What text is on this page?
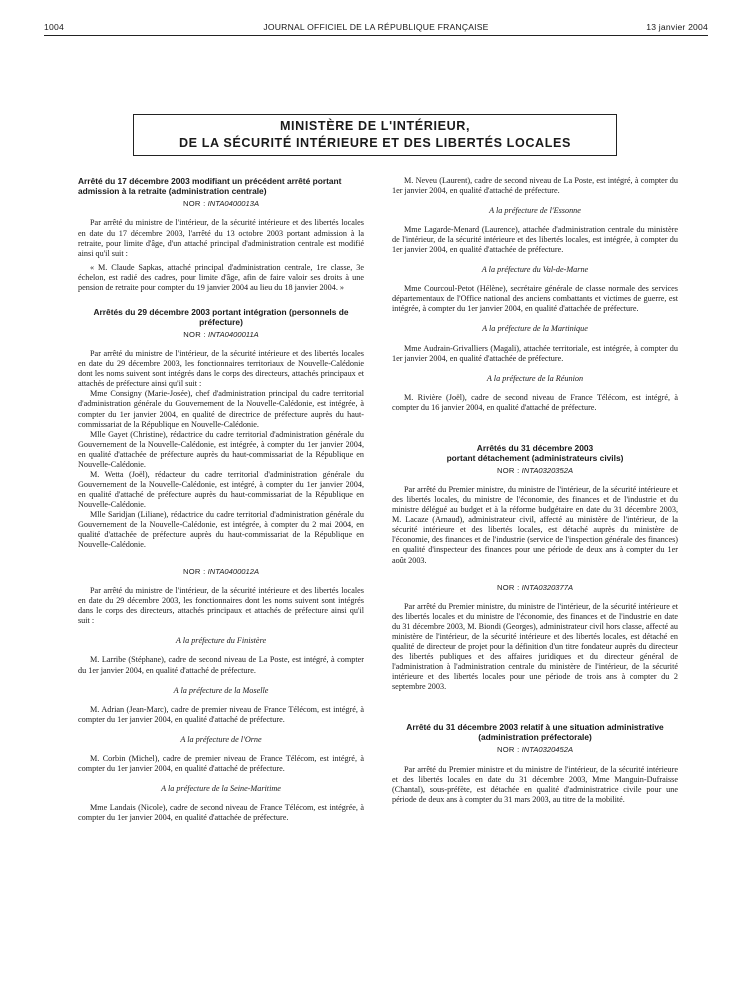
1004	JOURNAL OFFICIEL DE LA RÉPUBLIQUE FRANÇAISE	13 janvier 2004
MINISTÈRE DE L'INTÉRIEUR,
DE LA SÉCURITÉ INTÉRIEURE ET DES LIBERTÉS LOCALES

Arrêté du 17 décembre 2003 modifiant un précédent arrêté portant admission à la retraite (administration centrale)

NOR : INTA0400013A

Par arrêté du ministre de l'intérieur, de la sécurité intérieure et des libertés locales en date du 17 décembre 2003, l'arrêté du 13 octobre 2003 portant admission à la retraite, pour limite d'âge, d'un attaché principal d'administration centrale est modifié ainsi qu'il suit :

« M. Claude Sapkas, attaché principal d'administration centrale, 1re classe, 3e échelon, est radié des cadres, pour limite d'âge, afin de faire valoir ses droits à une pension de retraite pour compter du 19 janvier 2004 au lieu du 18 janvier 2004. »

Arrêtés du 29 décembre 2003 portant intégration (personnels de préfecture)

NOR : INTA0400011A

Par arrêté du ministre de l'intérieur, de la sécurité intérieure et des libertés locales en date du 29 décembre 2003, les fonctionnaires territoriaux de Nouvelle-Calédonie dont les noms suivent sont intégrés dans le corps des directeurs, attachés principaux et attachés de préfecture ainsi qu'il suit :

Mme Consigny (Marie-Josée), chef d'administration principal du cadre territorial d'administration générale du Gouvernement de la Nouvelle-Calédonie, est intégrée, à compter du 1er janvier 2004, en qualité de directrice de préfecture auprès du haut-commissariat de la République en Nouvelle-Calédonie.

Mlle Gayet (Christine), rédactrice du cadre territorial d'administration générale du Gouvernement de la Nouvelle-Calédonie, est intégrée, à compter du 1er janvier 2004, en qualité d'attachée de préfecture auprès du haut-commissariat de la République en Nouvelle-Calédonie.

M. Wetta (Joël), rédacteur du cadre territorial d'administration générale du Gouvernement de la Nouvelle-Calédonie, est intégré, à compter du 1er janvier 2004, en qualité d'attaché de préfecture auprès du haut-commissariat de la République en Nouvelle-Calédonie.

Mlle Saridjan (Liliane), rédactrice du cadre territorial d'administration générale du Gouvernement de la Nouvelle-Calédonie, est intégrée, à compter du 2 mai 2004, en qualité d'attachée de préfecture auprès du haut-commissariat de la République en Nouvelle-Calédonie.

NOR : INTA0400012A

Par arrêté du ministre de l'intérieur, de la sécurité intérieure et des libertés locales en date du 29 décembre 2003, les fonctionnaires dont les noms suivent sont intégrés dans le corps des directeurs, attachés principaux et attachés de préfecture ainsi qu'il suit :

A la préfecture du Finistère

M. Larribe (Stéphane), cadre de second niveau de La Poste, est intégré, à compter du 1er janvier 2004, en qualité d'attaché de préfecture.

A la préfecture de la Moselle

M. Adrian (Jean-Marc), cadre de premier niveau de France Télécom, est intégré, à compter du 1er janvier 2004, en qualité d'attaché de préfecture.

A la préfecture de l'Orne

M. Corbin (Michel), cadre de premier niveau de France Télécom, est intégré, à compter du 1er janvier 2004, en qualité d'attaché de préfecture.

A la préfecture de la Seine-Maritime

Mme Landais (Nicole), cadre de second niveau de France Télécom, est intégrée, à compter du 1er janvier 2004, en qualité d'attachée de préfecture.

M. Neveu (Laurent), cadre de second niveau de La Poste, est intégré, à compter du 1er janvier 2004, en qualité d'attaché de préfecture.

A la préfecture de l'Essonne

Mme Lagarde-Menard (Laurence), attachée d'administration centrale du ministère de l'intérieur, de la sécurité intérieure et des libertés locales, est intégrée, à compter du 1er janvier 2004, en qualité d'attachée de préfecture.

A la préfecture du Val-de-Marne

Mme Courcoul-Petot (Hélène), secrétaire générale de classe normale des services départementaux de l'Office national des anciens combattants et victimes de guerre, est intégrée, à compter du 1er janvier 2004, en qualité d'attachée de préfecture.

A la préfecture de la Martinique

Mme Audrain-Grivalliers (Magali), attachée territoriale, est intégrée, à compter du 1er janvier 2004, en qualité d'attachée de préfecture.

A la préfecture de la Réunion

M. Rivière (Joël), cadre de second niveau de France Télécom, est intégré, à compter du 16 janvier 2004, en qualité d'attaché de préfecture.

Arrêtés du 31 décembre 2003
portant détachement (administrateurs civils)
NOR : INTA0320352A

Par arrêté du Premier ministre, du ministre de l'intérieur, de la sécurité intérieure et des libertés locales, du ministre de l'économie, des finances et de l'industrie et du ministre délégué au budget et à la réforme budgétaire en date du 31 décembre 2003, M. Lacaze (Arnaud), administrateur civil, affecté au ministère de l'intérieur, de la sécurité intérieure et des libertés locales, est détaché auprès du ministère de l'économie, des finances et de l'industrie (service de l'inspection générale des finances) en qualité d'inspecteur des finances pour une période de deux ans à compter du 1er août 2003.

NOR : INTA0320377A

Par arrêté du Premier ministre, du ministre de l'intérieur, de la sécurité intérieure et des libertés locales et du ministre de l'économie, des finances et de l'industrie en date du 31 décembre 2003, M. Biondi (Georges), administrateur civil hors classe, affecté au ministère de l'intérieur, de la sécurité intérieure et des libertés locales, est détaché en qualité de directeur de projet pour la définition d'un titre fondateur auprès du directeur des libertés publiques et des affaires juridiques et du directeur général de l'administration à l'administration centrale du ministère de l'intérieur, de la sécurité intérieure et des libertés locales pour une période de trois ans à compter du 2 septembre 2003.

Arrêté du 31 décembre 2003 relatif à une situation administrative (administration préfectorale)

NOR : INTA0320452A

Par arrêté du Premier ministre et du ministre de l'intérieur, de la sécurité intérieure et des libertés locales en date du 31 décembre 2003, Mme Manguin-Dufraisse (Chantal), sous-préfète, est détachée en qualité d'administratrice civile pour une période de deux ans à compter du 31 mars 2003, au titre de la mobilité.
